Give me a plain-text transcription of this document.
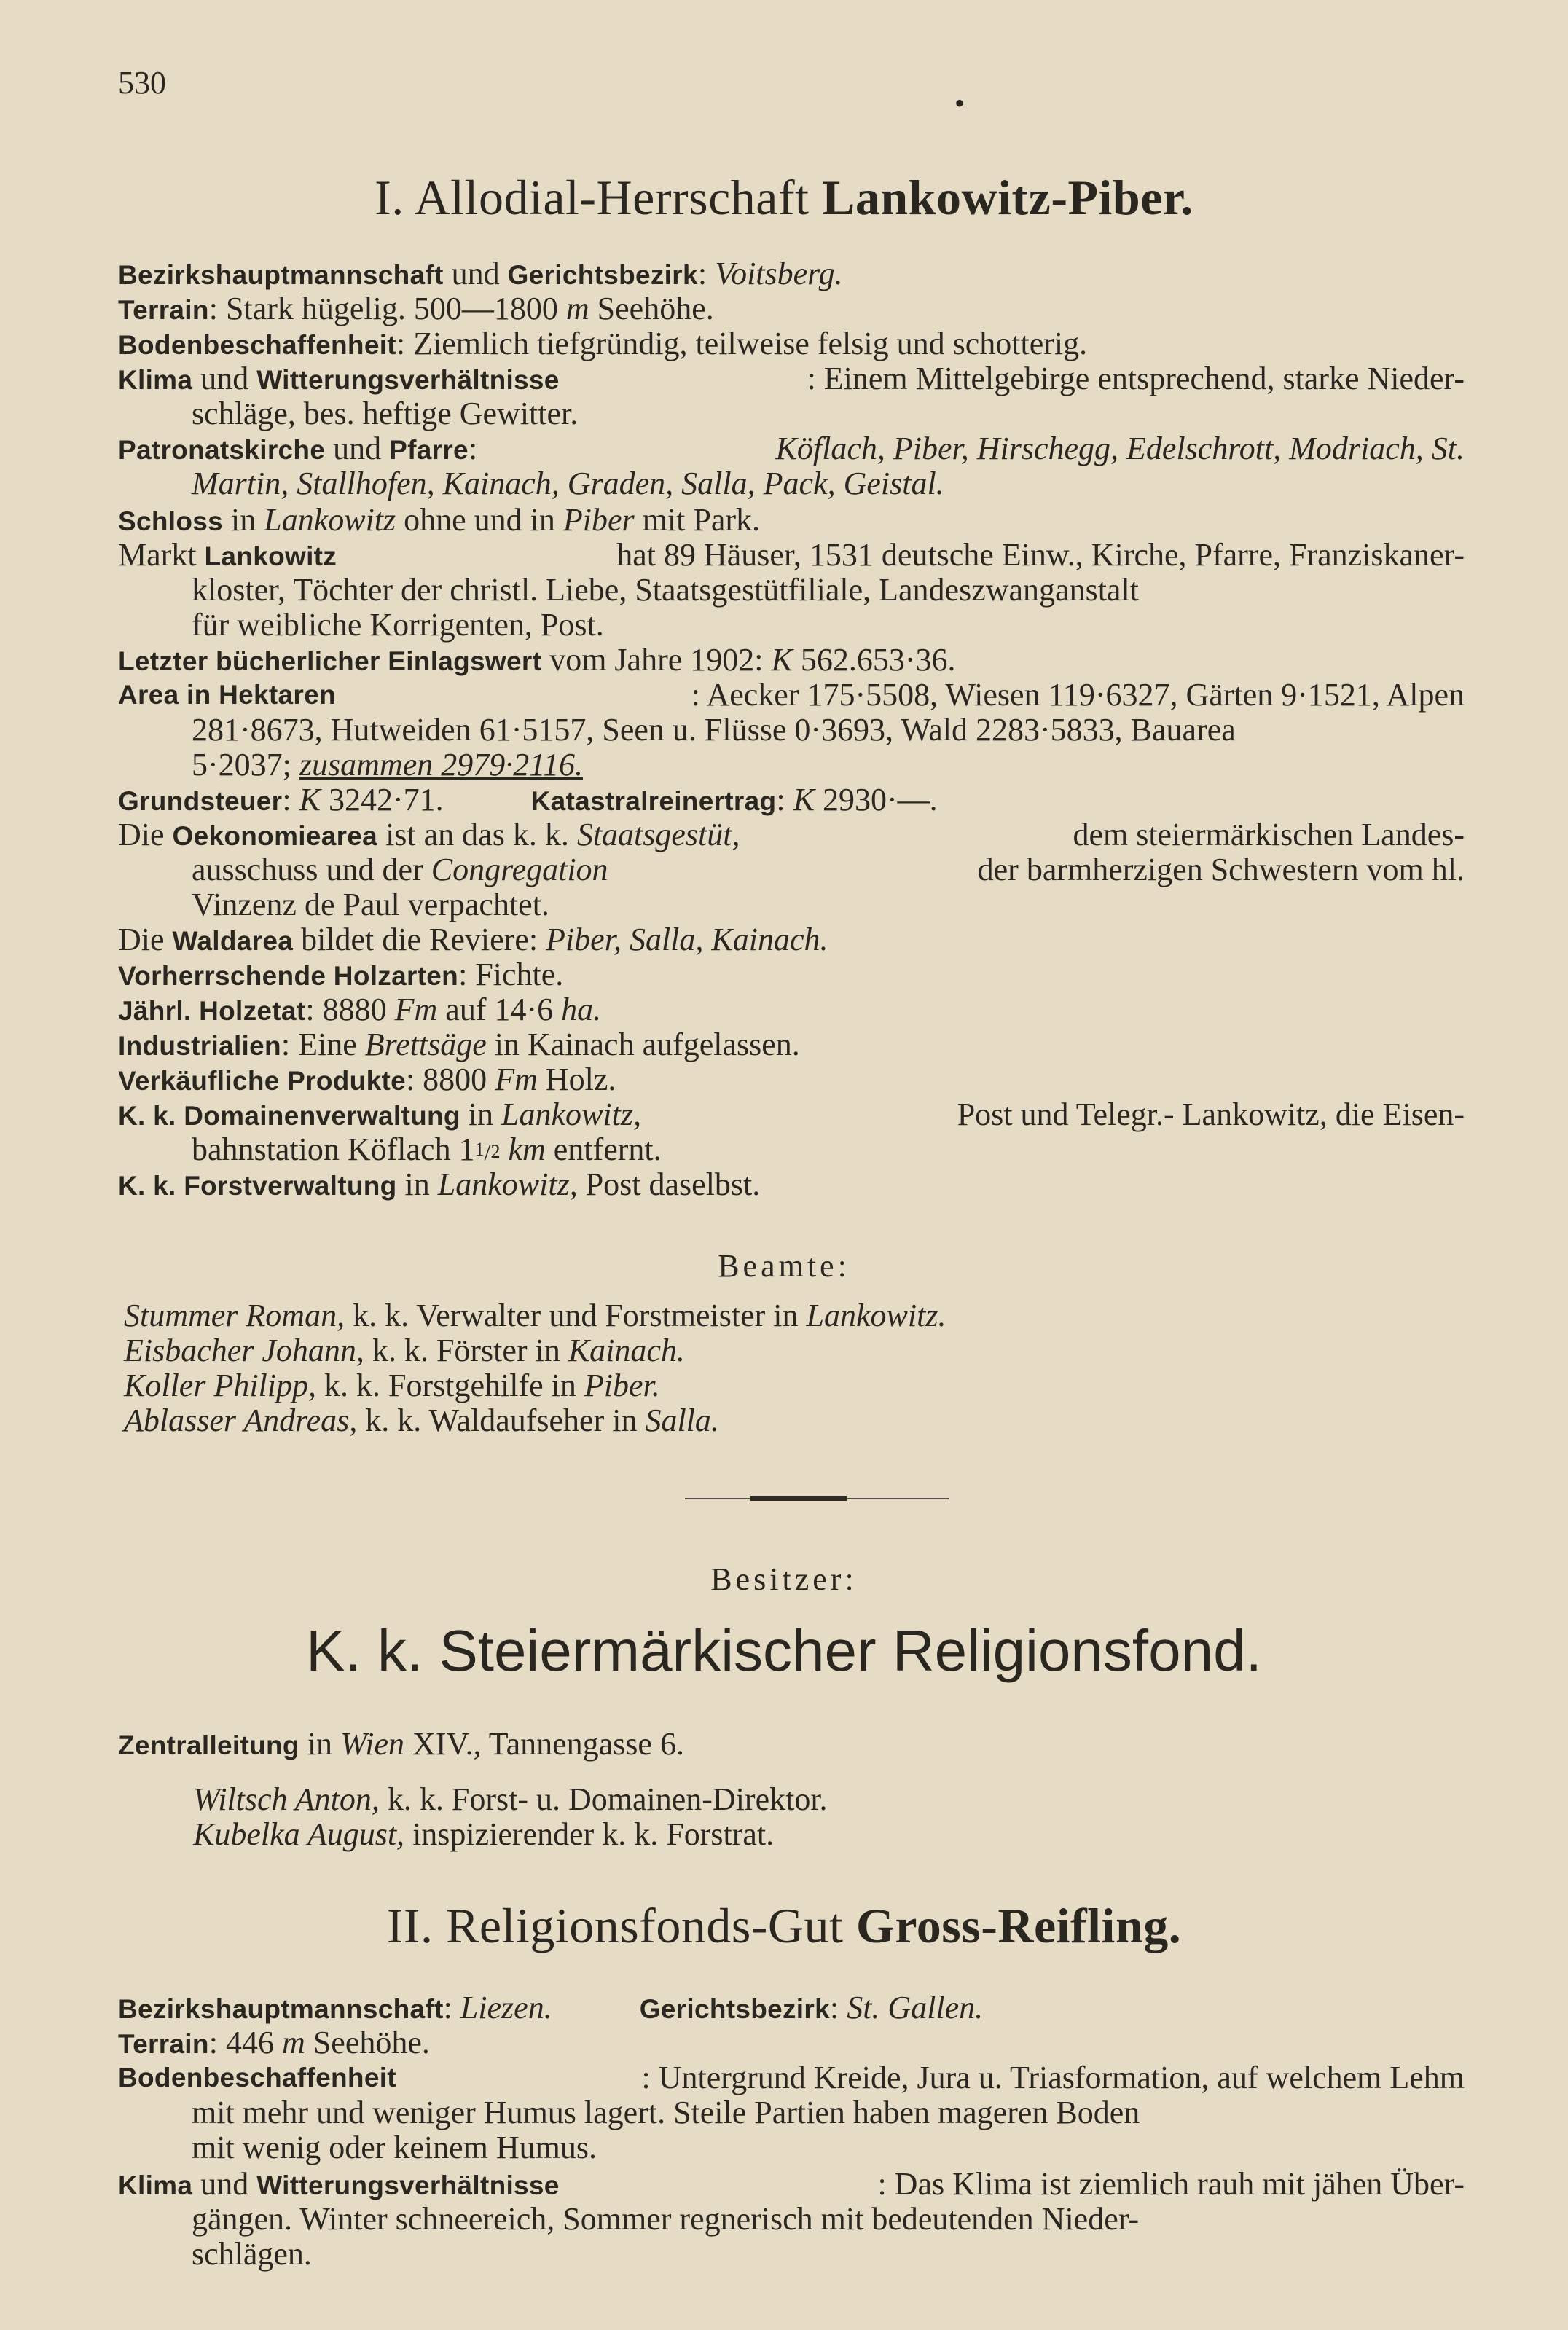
530
•
I. Allodial-Herrschaft Lankowitz-Piber.
Bezirkshauptmannschaft und Gerichtsbezirk: Voitsberg.
Terrain: Stark hügelig. 500—1800 m Seehöhe.
Bodenbeschaffenheit: Ziemlich tiefgründig, teilweise felsig und schotterig.
Klima und Witterungsverhältnisse	: Einem Mittelgebirge entsprechend, starke Nieder-
schläge, bes. heftige Gewitter.
Patronatskirche und Pfarre:	Köflach, Piber, Hirschegg, Edelschrott, Modriach, St.
Martin, Stallhofen, Kainach, Graden, Salla, Pack, Geistal.
Schloss in Lankowitz ohne und in Piber mit Park.
Markt Lankowitz	hat 89 Häuser, 1531 deutsche Einw., Kirche, Pfarre, Franziskaner-
kloster, Töchter der christl. Liebe, Staatsgestütfiliale, Landeszwanganstalt
für weibliche Korrigenten, Post.
Letzter bücherlicher Einlagswert vom Jahre 1902: K 562.653·36.
Area in Hektaren	: Aecker 175·5508, Wiesen 119·6327, Gärten 9·1521, Alpen
281·8673, Hutweiden 61·5157, Seen u. Flüsse 0·3693, Wald 2283·5833, Bauarea
5·2037; zusammen 2979·2116.
Grundsteuer: K 3242·71.	Katastralreinertrag: K 2930·—.
Die Oekonomiearea ist an das k. k. Staatsgestüt,	dem steiermärkischen Landes-
ausschuss und der Congregation	der barmherzigen Schwestern vom hl.
Vinzenz de Paul verpachtet.
Die Waldarea bildet die Reviere: Piber, Salla, Kainach.
Vorherrschende Holzarten: Fichte.
Jährl. Holzetat: 8880 Fm auf 14·6 ha.
Industrialien: Eine Brettsäge in Kainach aufgelassen.
Verkäufliche Produkte: 8800 Fm Holz.
K. k. Domainenverwaltung in Lankowitz,	Post und Telegr.- Lankowitz, die Eisen-
bahnstation Köflach $1^1/2$ km entfernt.
K. k. Forstverwaltung in Lankowitz, Post daselbst.
Beamte:
Stummer Roman, k. k. Verwalter und Forstmeister in Lankowitz.
Eisbacher Johann, k. k. Förster in Kainach.
Koller Philipp, k. k. Forstgehilfe in Piber.
Ablasser Andreas, k. k. Waldaufseher in Salla.
Besitzer:
K. k. Steiermärkischer Religionsfond.
Zentralleitung in Wien XIV., Tannengasse 6.
Wiltsch Anton, k. k. Forst- u. Domainen-Direktor.
Kubelka August, inspizierender k. k. Forstrat.
II. Religionsfonds-Gut Gross-Reifling.
Bezirkshauptmannschaft: Liezen.	Gerichtsbezirk: St. Gallen.
Terrain: 446 m Seehöhe.
Bodenbeschaffenheit	: Untergrund Kreide, Jura u. Triasformation, auf welchem Lehm
mit mehr und weniger Humus lagert. Steile Partien haben mageren Boden
mit wenig oder keinem Humus.
Klima und Witterungsverhältnisse	: Das Klima ist ziemlich rauh mit jähen Über-
gängen. Winter schneereich, Sommer regnerisch mit bedeutenden Nieder-
schlägen.
